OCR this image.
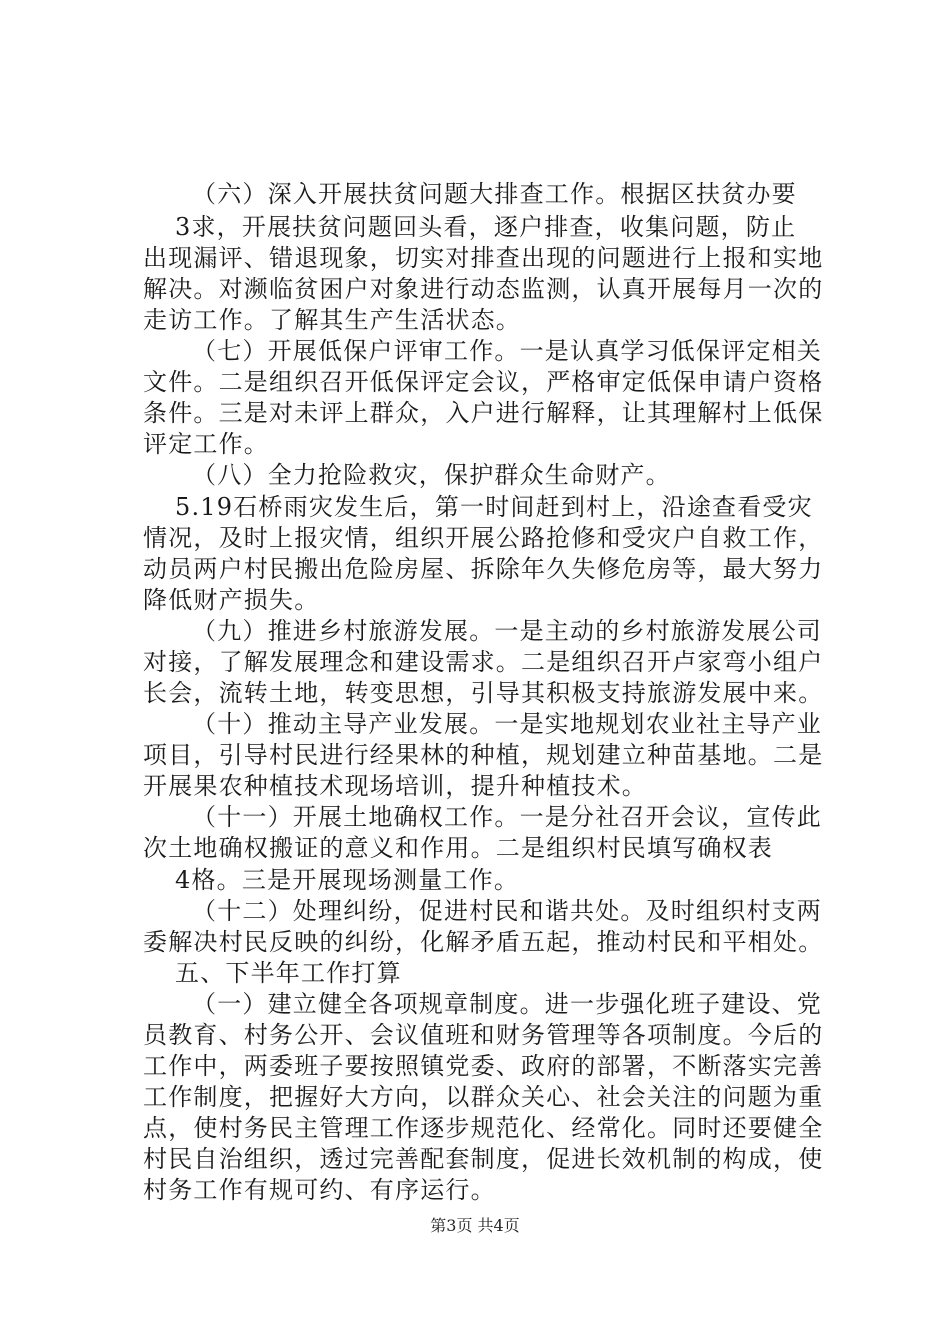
（六）深入开展扶贫问题大排查工作。根据区扶贫办要
3求，开展扶贫问题回头看，逐户排查，收集问题，防止
出现漏评、错退现象，切实对排查出现的问题进行上报和实地
解决。对濒临贫困户对象进行动态监测，认真开展每月一次的
走访工作。了解其生产生活状态。
（七）开展低保户评审工作。一是认真学习低保评定相关
文件。二是组织召开低保评定会议，严格审定低保申请户资格
条件。三是对未评上群众，入户进行解释，让其理解村上低保
评定工作。
（八）全力抢险救灾，保护群众生命财产。
5.19石桥雨灾发生后，第一时间赶到村上，沿途查看受灾
情况，及时上报灾情，组织开展公路抢修和受灾户自救工作，
动员两户村民搬出危险房屋、拆除年久失修危房等，最大努力
降低财产损失。
（九）推进乡村旅游发展。一是主动的乡村旅游发展公司
对接，了解发展理念和建设需求。二是组织召开卢家弯小组户
长会，流转土地，转变思想，引导其积极支持旅游发展中来。
（十）推动主导产业发展。一是实地规划农业社主导产业
项目，引导村民进行经果林的种植，规划建立种苗基地。二是
开展果农种植技术现场培训，提升种植技术。
（十一）开展土地确权工作。一是分社召开会议，宣传此
次土地确权搬证的意义和作用。二是组织村民填写确权表
4格。三是开展现场测量工作。
（十二）处理纠纷，促进村民和谐共处。及时组织村支两
委解决村民反映的纠纷，化解矛盾五起，推动村民和平相处。
五、下半年工作打算
（一）建立健全各项规章制度。进一步强化班子建设、党
员教育、村务公开、会议值班和财务管理等各项制度。今后的
工作中，两委班子要按照镇党委、政府的部署，不断落实完善
工作制度，把握好大方向，以群众关心、社会关注的问题为重
点，使村务民主管理工作逐步规范化、经常化。同时还要健全
村民自治组织，透过完善配套制度，促进长效机制的构成，使
村务工作有规可约、有序运行。
第3页 共4页
